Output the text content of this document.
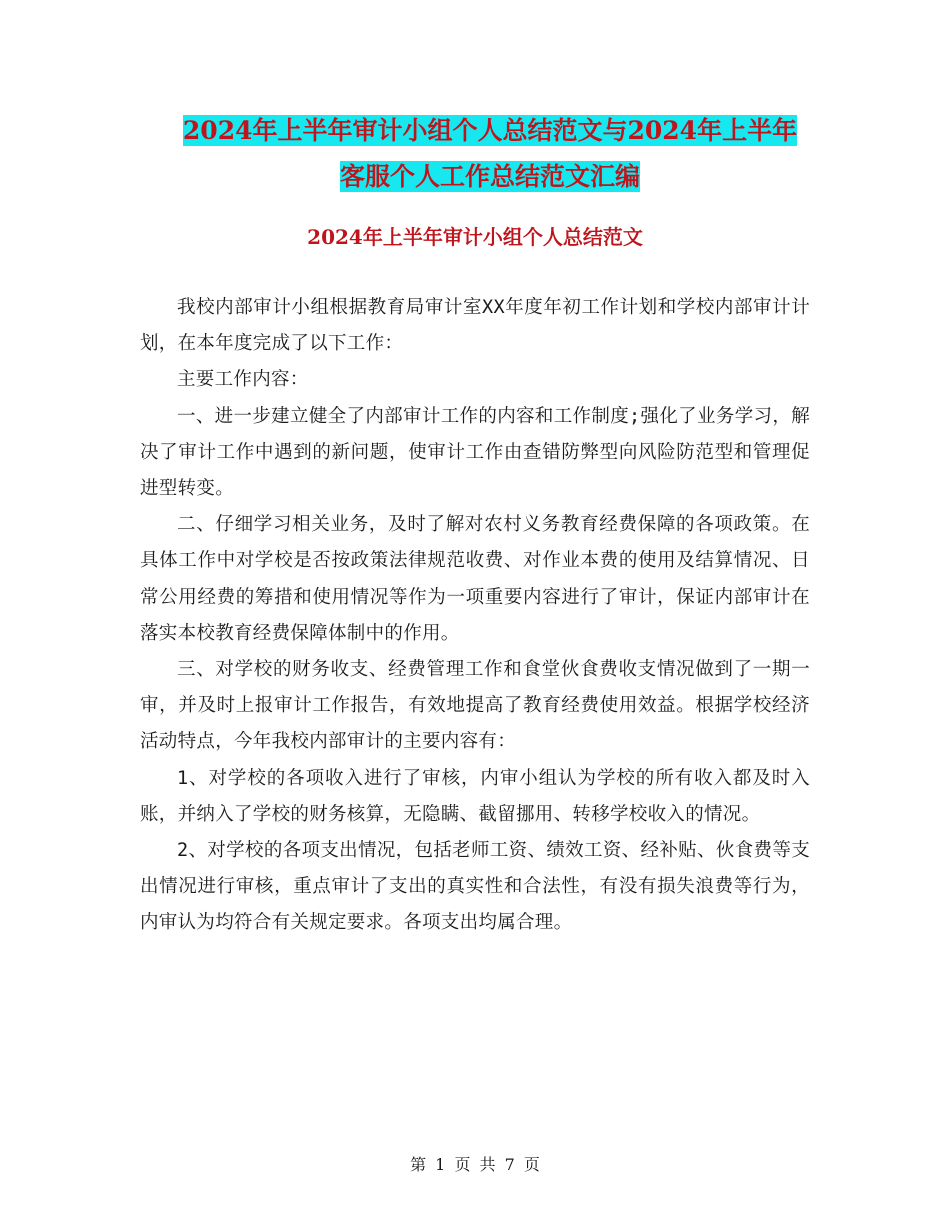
2024年上半年审计小组个人总结范文与2024年上半年
客服个人工作总结范文汇编
2024年上半年审计小组个人总结范文

我校内部审计小组根据教育局审计室XX年度年初工作计划和学校内部审计计划，在本年度完成了以下工作：

主要工作内容：

一、进一步建立健全了内部审计工作的内容和工作制度;强化了业务学习，解决了审计工作中遇到的新问题，使审计工作由查错防弊型向风险防范型和管理促进型转变。

二、仔细学习相关业务，及时了解对农村义务教育经费保障的各项政策。在具体工作中对学校是否按政策法律规范收费、对作业本费的使用及结算情况、日常公用经费的筹措和使用情况等作为一项重要内容进行了审计，保证内部审计在落实本校教育经费保障体制中的作用。

三、对学校的财务收支、经费管理工作和食堂伙食费收支情况做到了一期一审，并及时上报审计工作报告，有效地提高了教育经费使用效益。根据学校经济活动特点，今年我校内部审计的主要内容有：

1、对学校的各项收入进行了审核，内审小组认为学校的所有收入都及时入账，并纳入了学校的财务核算，无隐瞒、截留挪用、转移学校收入的情况。

2、对学校的各项支出情况，包括老师工资、绩效工资、经补贴、伙食费等支出情况进行审核，重点审计了支出的真实性和合法性，有没有损失浪费等行为，内审认为均符合有关规定要求。各项支出均属合理。

第 1 页 共 7 页
